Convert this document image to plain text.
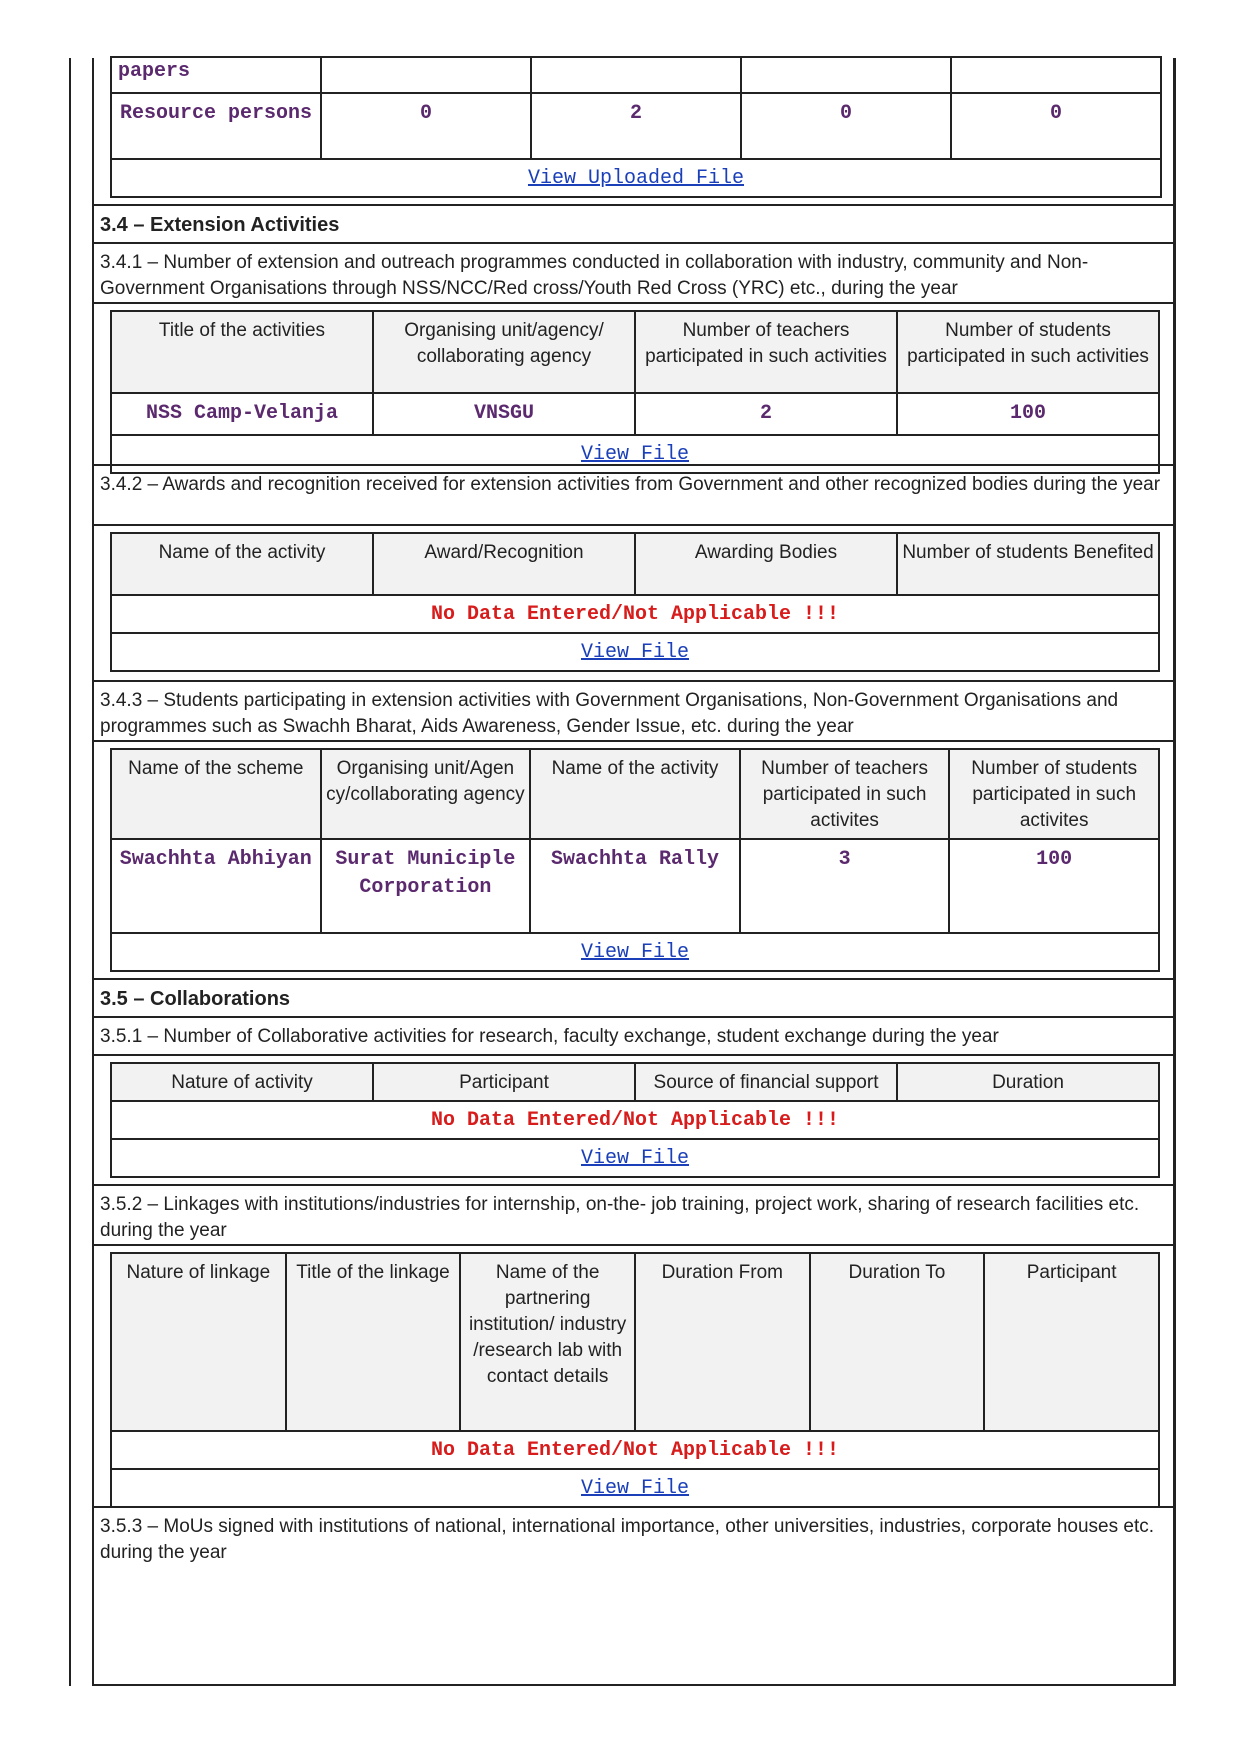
papers				
Resource persons	0	2	0	0
View Uploaded File				
3.4 – Extension Activities
3.4.1 – Number of extension and outreach programmes conducted in collaboration with industry, community and Non- Government Organisations through NSS/NCC/Red cross/Youth Red Cross (YRC) etc., during the year
Title of the activities	Organising unit/agency/ collaborating agency	Number of teachers participated in such activities	Number of students participated in such activities
NSS Camp-Velanja	VNSGU	2	100
View File			
3.4.2 – Awards and recognition received for extension activities from Government and other recognized bodies during the year
Name of the activity	Award/Recognition	Awarding Bodies	Number of students Benefited
No Data Entered/Not Applicable !!!
View File
3.4.3 – Students participating in extension activities with Government Organisations, Non-Government Organisations and programmes such as Swachh Bharat, Aids Awareness, Gender Issue, etc. during the year
Name of the scheme	Organising unit/Agen cy/collaborating agency	Name of the activity	Number of teachers participated in such activites	Number of students participated in such activites
Swachhta Abhiyan	Surat Municiple Corporation	Swachhta Rally	3	100
View File				
3.5 – Collaborations
3.5.1 – Number of Collaborative activities for research, faculty exchange, student exchange during the year
Nature of activity	Participant	Source of financial support	Duration
No Data Entered/Not Applicable !!!
View File
3.5.2 – Linkages with institutions/industries for internship, on-the- job training, project work, sharing of research facilities etc. during the year
Nature of linkage	Title of the linkage	Name of the partnering institution/ industry /research lab with contact details	Duration From	Duration To	Participant
No Data Entered/Not Applicable !!!
View File
3.5.3 – MoUs signed with institutions of national, international importance, other universities, industries, corporate houses etc. during the year
